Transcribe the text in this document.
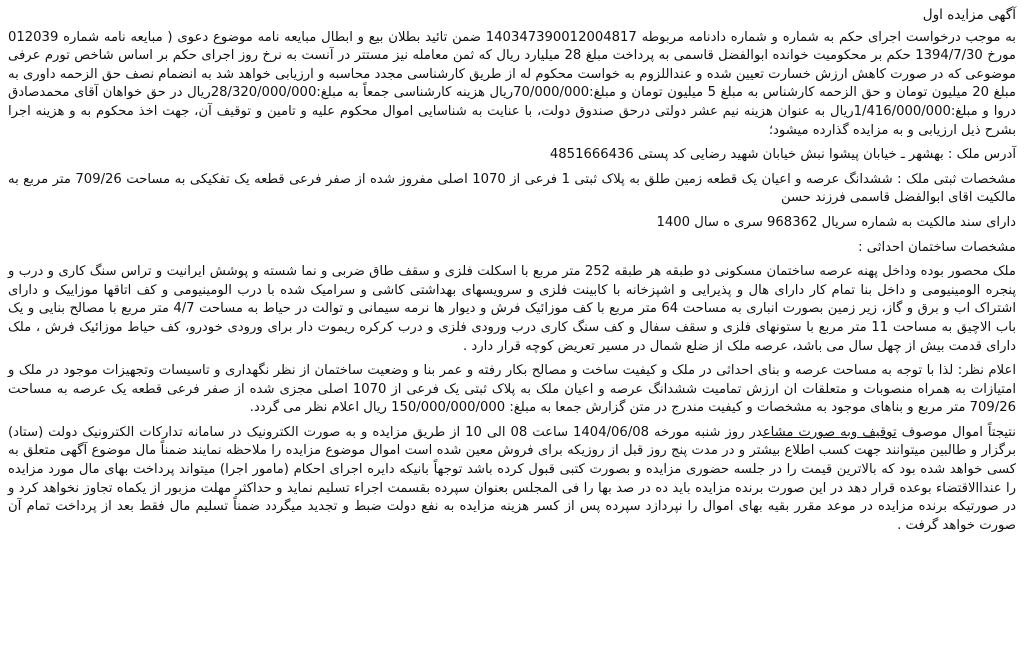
آگهی مزایده اول

به موجب درخواست اجرای حکم به شماره و شماره دادنامه مربوطه 140347390012004817 ضمن تائید بطلان بیع و ابطال مبایعه نامه موضوع دعوی ( مبایعه نامه شماره 012039 مورخ 1394/7/30 حکم بر محکومیت خوانده ابوالفضل قاسمی به پرداخت مبلغ 28 میلیارد ریال که ثمن معامله نیز مستتر در آنست به نرخ روز اجرای حکم بر اساس شاخص تورم عرفی موضوعی که در صورت کاهش ارزش خسارت تعیین شده و عنداللزوم به خواست محکوم له از طریق کارشناسی مجدد محاسبه و ارزیابی خواهد شد به انضمام نصف حق الزحمه داوری به مبلغ 20 میلیون تومان و حق الزحمه کارشناس به مبلغ 5 میلیون تومان و مبلغ:70/000/000ریال هزینه کارشناسی جمعاً به مبلغ:28/320/000/000ریال در حق خواهان آقای محمدصادق دروا و مبلغ:1/416/000/000ریال به عنوان هزینه نیم عشر دولتی درحق صندوق دولت، با عنایت به شناسایی اموال محکوم علیه و تامین و توقیف آن، جهت اخذ محکوم به و هزینه اجرا بشرح ذیل ارزیابی و به مزایده گذارده میشود؛

آدرس ملک : بهشهر ـ خیابان پیشوا نبش خیابان شهید رضایی کد پستی 4851666436

مشخصات ثبتی ملک : ششدانگ عرصه و اعیان یک قطعه زمین طلق به پلاک ثبتی 1 فرعی از 1070 اصلی مفروز شده از صفر فرعی قطعه یک تفکیکی به مساحت 709/26 متر مربع به مالکیت اقای ابوالفضل قاسمی فرزند حسن

دارای سند مالکیت به شماره سریال 968362 سری ه سال 1400

مشخصات ساختمان احداثی :

ملک محصور بوده وداخل پهنه عرصه ساختمان مسکونی دو طبقه هر طبقه 252 متر مربع با اسکلت فلزی و سقف طاق ضربی و نما شسته و پوشش ایرانیت و تراس سنگ کاری و درب و پنجره الومینیومی و داخل بنا تمام کار دارای هال و پذیرایی و اشپزخانه با کابینت فلزی و سرویسهای بهداشتی کاشی و سرامیک شده با درب الومینیومی و کف اتاقها موزاییک و دارای اشتراک اب و برق و گاز، زیر زمین بصورت انباری به مساحت 64 متر مربع با کف موزائیک فرش و دیوار ها نرمه سیمانی و توالت در حیاط به مساحت 4/7 متر مربع با مصالح بنایی و یک باب الاچیق به مساحت 11 متر مربع با ستونهای فلزی و سقف سفال و کف سنگ کاری درب ورودی فلزی و درب کرکره ریموت دار برای ورودی خودرو، کف حیاط موزائیک فرش ، ملک دارای قدمت بیش از چهل سال می باشد، عرصه ملک از ضلع شمال در مسیر تعریض کوچه قرار دارد .

اعلام نظر: لذا با توجه به مساحت عرصه و بنای احداثی در ملک و کیفیت ساخت و مصالح بکار رفته و عمر بنا و وضعیت ساختمان از نظر نگهداری و تاسیسات وتجهیزات موجود در ملک و امتیازات به همراه منصوبات و متعلقات ان ارزش تمامیت ششدانگ عرصه و اعیان ملک به پلاک ثبتی یک فرعی از 1070 اصلی مجزی شده از صفر فرعی قطعه یک عرصه به مساحت 709/26 متر مربع و بناهای موجود به مشخصات و کیفیت مندرج در متن گزارش جمعا به مبلغ: 150/000/000/000 ریال اعلام نظر می گردد.

نتیجتاً اموال موصوف توقیف وبه صورت مشاعدر روز شنبه مورخه 1404/06/08 ساعت 08 الی 10 از طریق مزایده و به صورت الکترونیک در سامانه تدارکات الکترونیک دولت (ستاد) برگزار و طالبین میتوانند جهت کسب اطلاع بیشتر و در مدت پنج روز قبل از روزیکه برای فروش معین شده است اموال موضوع مزایده را ملاحظه نمایند ضمناً مال موضوع آگهی متعلق به کسی خواهد شده بود که بالاترین قیمت را در جلسه حضوری مزایده و بصورت کتبی قبول کرده باشد توجهاً بانیکه دایره اجرای احکام (مامور اجرا) میتواند پرداخت بهای مال مورد مزایده را عنداالاقتضاء بوعده قرار دهد در این صورت برنده مزایده باید ده در صد بها را فی المجلس بعنوان سپرده بقسمت اجراء تسلیم نماید و حداکثر مهلت مزبور از یکماه تجاوز نخواهد کرد و در صورتیکه برنده مزایده در موعد مقرر بقیه بهای اموال را نپردازد سپرده پس از کسر هزینه مزایده به نفع دولت ضبط و تجدید میگردد ضمناً تسلیم مال فقط بعد از پرداخت تمام آن صورت خواهد گرفت .
